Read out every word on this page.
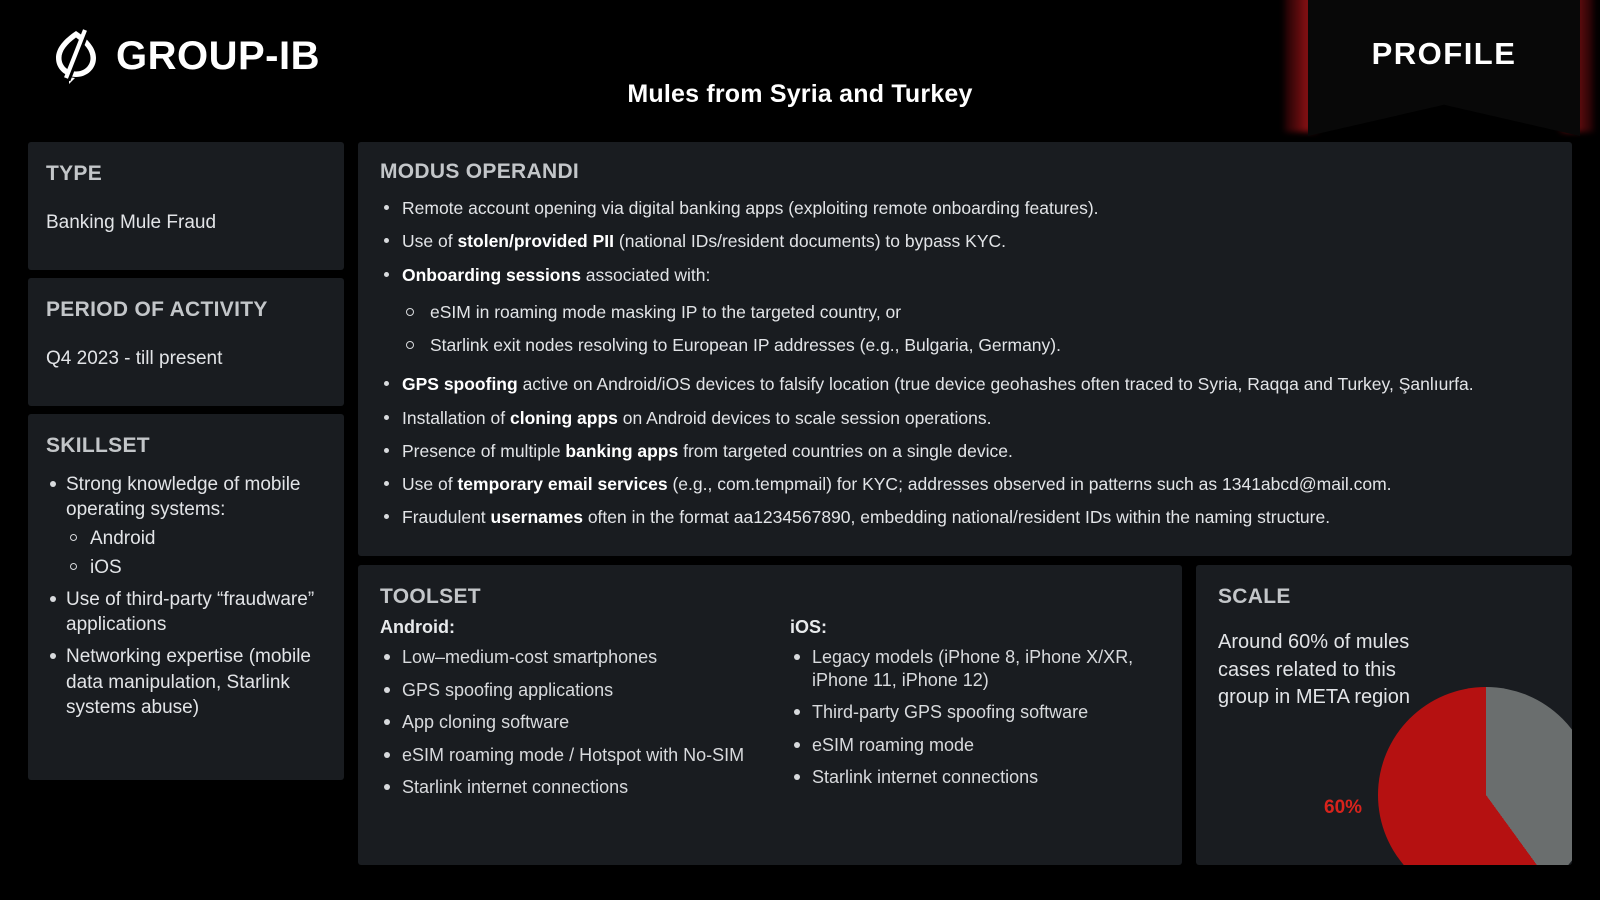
GROUP-IB
Mules from Syria and Turkey
PROFILE
TYPE
Banking Mule Fraud
PERIOD OF ACTIVITY
Q4 2023 - till present
SKILLSET
Strong knowledge of mobile operating systems:
Android
iOS
Use of third-party “fraudware” applications
Networking expertise (mobile data manipulation, Starlink systems abuse)
MODUS OPERANDI
Remote account opening via digital banking apps (exploiting remote onboarding features).
Use of stolen/provided PII (national IDs/resident documents) to bypass KYC.
Onboarding sessions associated with:
eSIM in roaming mode masking IP to the targeted country, or
Starlink exit nodes resolving to European IP addresses (e.g., Bulgaria, Germany).
GPS spoofing active on Android/iOS devices to falsify location (true device geohashes often traced to Syria, Raqqa and Turkey, Şanlıurfa.
Installation of cloning apps on Android devices to scale session operations.
Presence of multiple banking apps from targeted countries on a single device.
Use of temporary email services (e.g., com.tempmail) for KYC; addresses observed in patterns such as 1341abcd@mail.com.
Fraudulent usernames often in the format aa1234567890, embedding national/resident IDs within the naming structure.
TOOLSET
Android:
Low–medium-cost smartphones
GPS spoofing applications
App cloning software
eSIM roaming mode / Hotspot with No-SIM
Starlink internet connections
iOS:
Legacy models (iPhone 8, iPhone X/XR, iPhone 11, iPhone 12)
Third-party GPS spoofing software
eSIM roaming mode
Starlink internet connections
SCALE
Around 60% of mules cases related to this group in META region
60%
